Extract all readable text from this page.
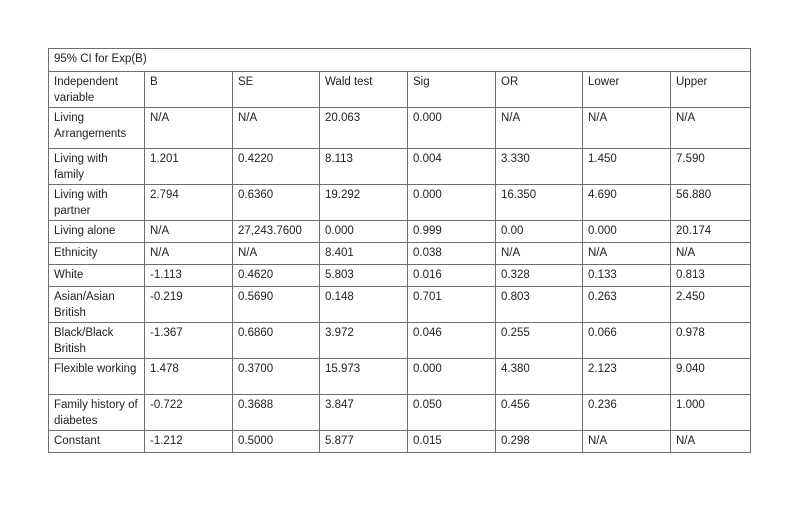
95% CI for Exp(B)							
Independent variable	B	SE	Wald test	Sig	OR	Lower	Upper
Living Arrangements	N/A	N/A	20.063	0.000	N/A	N/A	N/A
Living with family	1.201	0.4220	8.113	0.004	3.330	1.450	7.590
Living with partner	2.794	0.6360	19.292	0.000	16.350	4.690	56.880
Living alone	N/A	27,243.7600	0.000	0.999	0.00	0.000	20.174
Ethnicity	N/A	N/A	8.401	0.038	N/A	N/A	N/A
White	-1.113	0.4620	5.803	0.016	0.328	0.133	0.813
Asian/Asian British	-0.219	0.5690	0.148	0.701	0.803	0.263	2.450
Black/Black British	-1.367	0.6860	3.972	0.046	0.255	0.066	0.978
Flexible working	1.478	0.3700	15.973	0.000	4.380	2.123	9.040
Family history of diabetes	-0.722	0.3688	3.847	0.050	0.456	0.236	1.000
Constant	-1.212	0.5000	5.877	0.015	0.298	N/A	N/A
